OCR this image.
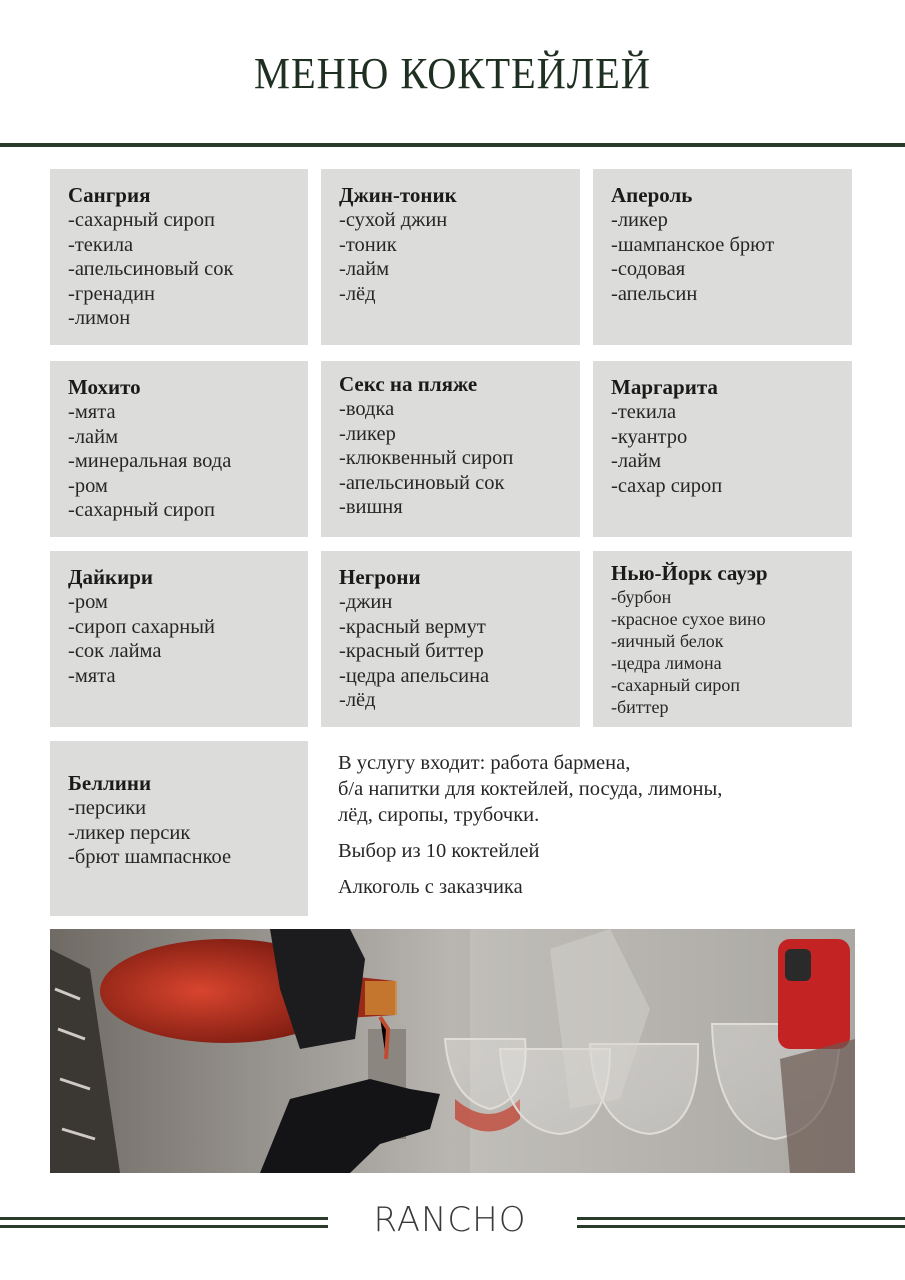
МЕНЮ КОКТЕЙЛЕЙ
Сангрия
-сахарный сироп
-текила
-апельсиновый сок
-гренадин
-лимон
Джин-тоник
-сухой джин
-тоник
-лайм
-лёд
Апероль
-ликер
-шампанское брют
-содовая
-апельсин
Мохито
-мята
-лайм
-минеральная вода
-ром
-сахарный сироп
Секс на пляже
-водка
-ликер
-клюквенный сироп
-апельсиновый сок
-вишня
Маргарита
-текила
-куантро
-лайм
-сахар сироп
Дайкири
-ром
-сироп сахарный
-сок лайма
-мята
Негрони
-джин
-красный вермут
-красный биттер
-цедра апельсина
-лёд
Нью-Йорк сауэр
-бурбон
-красное сухое вино
-яичный белок
-цедра лимона
-сахарный сироп
-биттер
Беллини
-персики
-ликер персик
-брют шампаснкое

В услугу входит: работа бармена,
б/а напитки для коктейлей, посуда, лимоны,
лёд, сиропы, трубочки.

Выбор из 10 коктейлей

Алкоголь с заказчика

RANCHO
